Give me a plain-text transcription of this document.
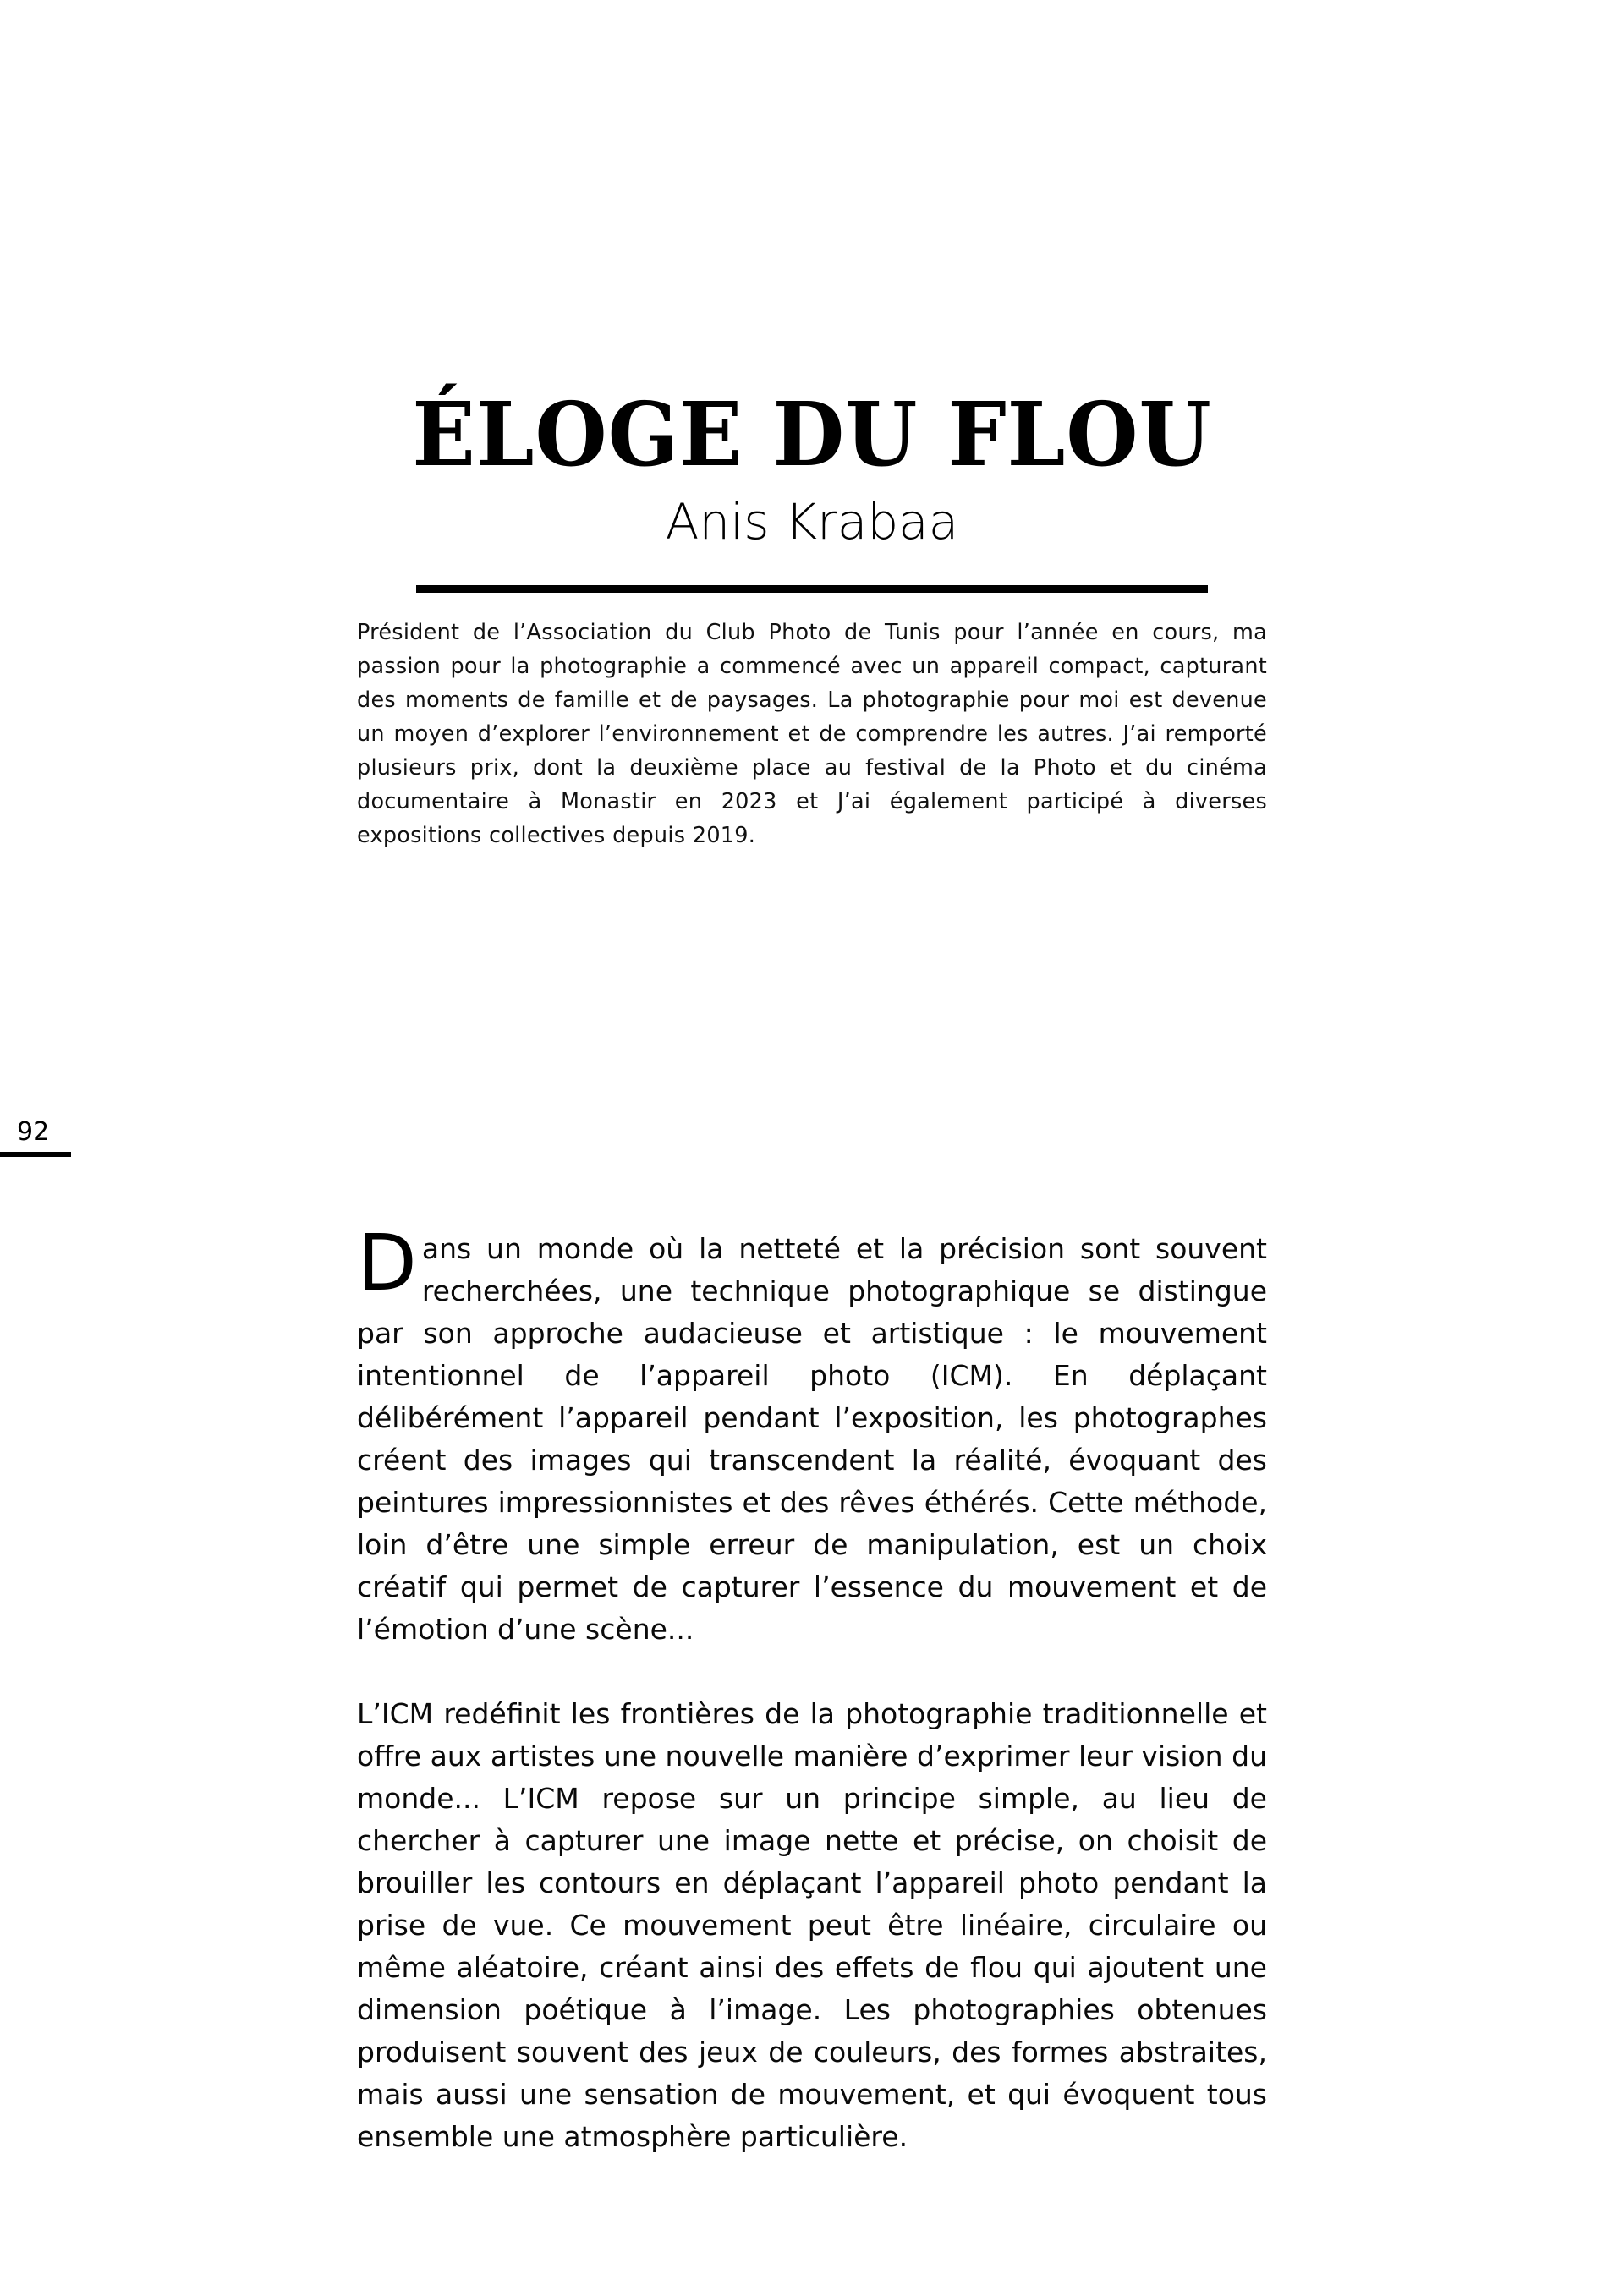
ÉLOGE DU FLOU
Anis Krabaa

Président de l’Association du Club Photo de Tunis pour l’année en cours, ma passion pour la photographie a commencé avec un appareil compact, capturant des moments de famille et de paysages. La photographie pour moi est devenue un moyen d’explorer l’environnement et de comprendre les autres. J’ai remporté plusieurs prix, dont la deuxième place au festival de la Photo et du cinéma documentaire à Monastir en 2023 et J’ai également participé à diverses expositions collectives depuis 2019.

92

Dans un monde où la netteté et la précision sont souvent recherchées, une technique photographique se distingue par son approche audacieuse et artistique : le mouvement intentionnel de l’appareil photo (ICM). En déplaçant délibérément l’appareil pendant l’exposition, les photographes créent des images qui transcendent la réalité, évoquant des peintures impressionnistes et des rêves éthérés. Cette méthode, loin d’être une simple erreur de manipulation, est un choix créatif qui permet de capturer l’essence du mouvement et de l’émotion d’une scène...

L’ICM redéfinit les frontières de la photographie traditionnelle et offre aux artistes une nouvelle manière d’exprimer leur vision du monde... L’ICM repose sur un principe simple, au lieu de chercher à capturer une image nette et précise, on choisit de brouiller les contours en déplaçant l’appareil photo pendant la prise de vue. Ce mouvement peut être linéaire, circulaire ou même aléatoire, créant ainsi des effets de flou qui ajoutent une dimension poétique à l’image. Les photographies obtenues produisent souvent des jeux de couleurs, des formes abstraites, mais aussi une sensation de mouvement, et qui évoquent tous ensemble une atmosphère particulière.
